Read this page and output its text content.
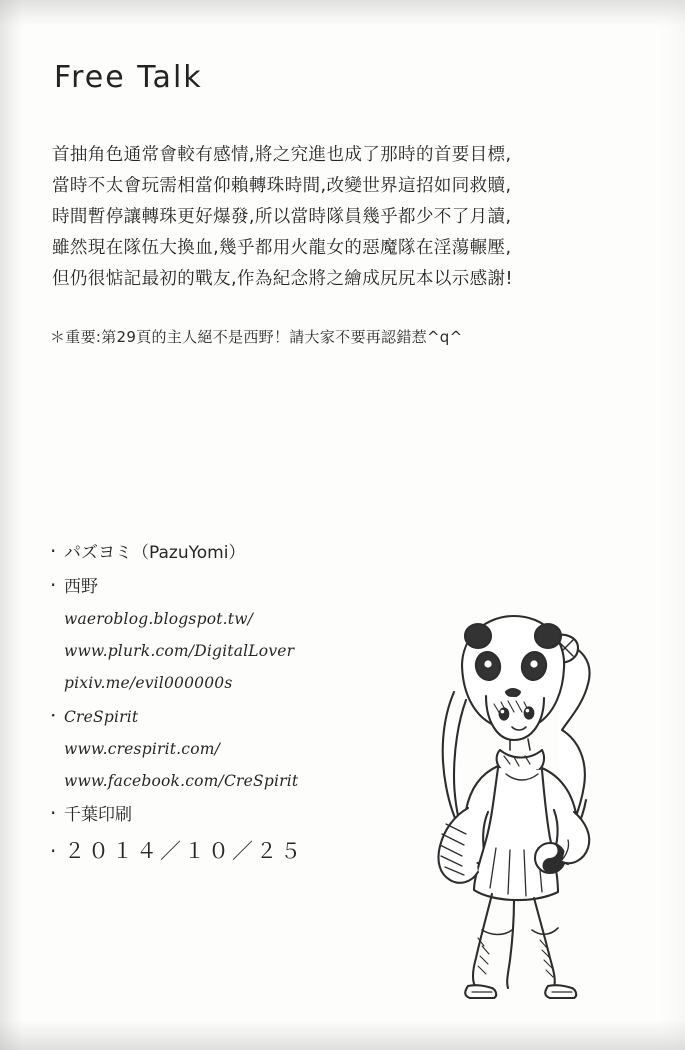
Free Talk

首抽角色通常會較有感情,將之究進也成了那時的首要目標,

當時不太會玩需相當仰賴轉珠時間,改變世界這招如同救贖,

時間暫停讓轉珠更好爆發,所以當時隊員幾乎都少不了月讀,

雖然現在隊伍大換血,幾乎都用火龍女的惡魔隊在淫蕩輾壓,

但仍很惦記最初的戰友,作為紀念將之繪成尻尻本以示感謝!

＊重要:第29頁的主人絕不是西野！請大家不要再認錯惹^q^
· パズヨミ（PazuYomi）
· 西野
waeroblog.blogspot.tw/
www.plurk.com/DigitalLover
pixiv.me/evil000000s
· CreSpirit
www.crespirit.com/
www.facebook.com/CreSpirit
· 千葉印刷
· ２０１４／１０／２５
